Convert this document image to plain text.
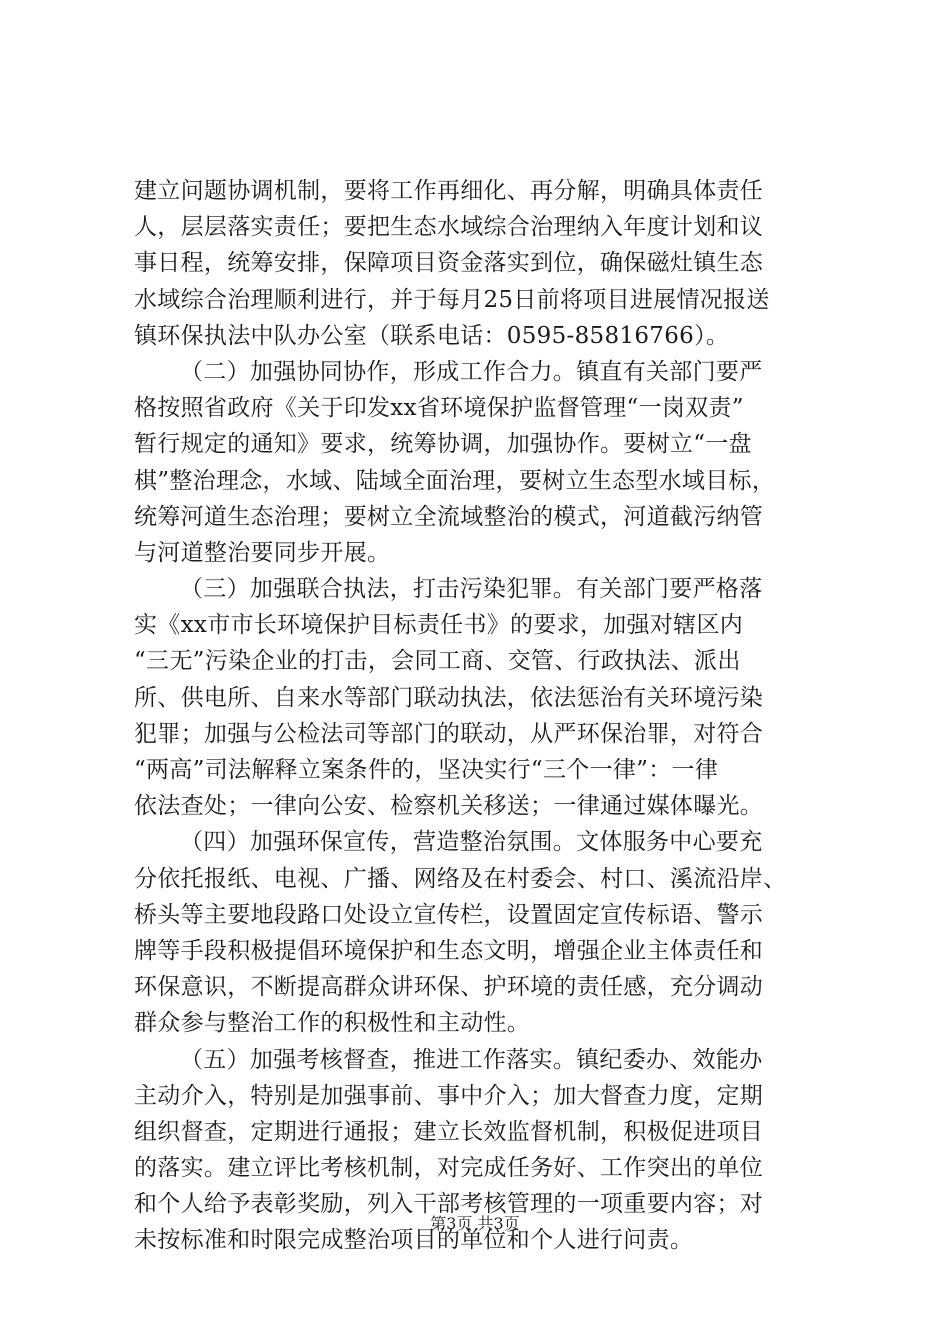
建立问题协调机制，要将工作再细化、再分解，明确具体责任
人，层层落实责任；要把生态水域综合治理纳入年度计划和议
事日程，统筹安排，保障项目资金落实到位，确保磁灶镇生态
水域综合治理顺利进行，并于每月25日前将项目进展情况报送
镇环保执法中队办公室（联系电话：0595-85816766）。
（二）加强协同协作，形成工作合力。镇直有关部门要严
格按照省政府《关于印发xx省环境保护监督管理“一岗双责”
暂行规定的通知》要求，统筹协调，加强协作。要树立“一盘
棋”整治理念，水域、陆域全面治理，要树立生态型水域目标，
统筹河道生态治理；要树立全流域整治的模式，河道截污纳管
与河道整治要同步开展。
（三）加强联合执法，打击污染犯罪。有关部门要严格落
实《xx市市长环境保护目标责任书》的要求，加强对辖区内
“三无”污染企业的打击，会同工商、交管、行政执法、派出
所、供电所、自来水等部门联动执法，依法惩治有关环境污染
犯罪；加强与公检法司等部门的联动，从严环保治罪，对符合
“两高”司法解释立案条件的，坚决实行“三个一律”：一律
依法查处；一律向公安、检察机关移送；一律通过媒体曝光。
（四）加强环保宣传，营造整治氛围。文体服务中心要充
分依托报纸、电视、广播、网络及在村委会、村口、溪流沿岸、
桥头等主要地段路口处设立宣传栏，设置固定宣传标语、警示
牌等手段积极提倡环境保护和生态文明，增强企业主体责任和
环保意识，不断提高群众讲环保、护环境的责任感，充分调动
群众参与整治工作的积极性和主动性。
（五）加强考核督查，推进工作落实。镇纪委办、效能办
主动介入，特别是加强事前、事中介入；加大督查力度，定期
组织督查，定期进行通报；建立长效监督机制，积极促进项目
的落实。建立评比考核机制，对完成任务好、工作突出的单位
和个人给予表彰奖励，列入干部考核管理的一项重要内容；对
未按标准和时限完成整治项目的单位和个人进行问责。
第3页 共3页
